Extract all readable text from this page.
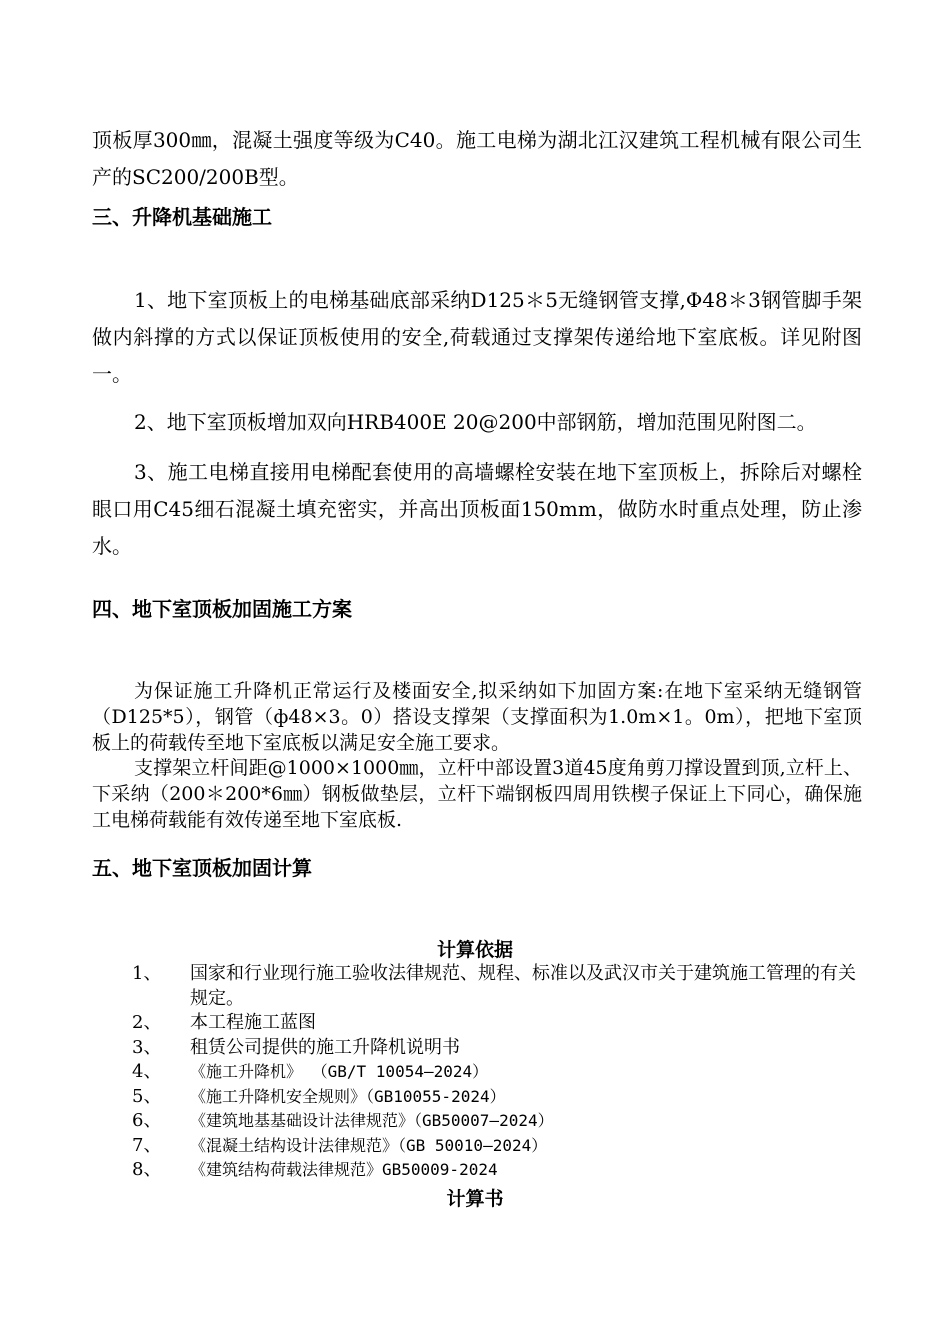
顶板厚300㎜，混凝土强度等级为C40。施工电梯为湖北江汉建筑工程机械有限公司生产的SC200/200B型。

三、升降机基础施工

1、地下室顶板上的电梯基础底部采纳D125＊5无缝钢管支撑,Φ48＊3钢管脚手架做内斜撑的方式以保证顶板使用的安全,荷载通过支撑架传递给地下室底板。详见附图一。

2、地下室顶板增加双向HRB400E 20@200中部钢筋，增加范围见附图二。

3、施工电梯直接用电梯配套使用的高墙螺栓安装在地下室顶板上，拆除后对螺栓眼口用C45细石混凝土填充密实，并高出顶板面150mm，做防水时重点处理，防止渗水。

四、地下室顶板加固施工方案

为保证施工升降机正常运行及楼面安全,拟采纳如下加固方案:在地下室采纳无缝钢管（D125*5），钢管（ф48×3。0）搭设支撑架（支撑面积为1.0m×1。0m），把地下室顶板上的荷载传至地下室底板以满足安全施工要求。

支撑架立杆间距@1000×1000㎜，立杆中部设置3道45度角剪刀撑设置到顶,立杆上、下采纳（200＊200*6㎜）钢板做垫层，立杆下端钢板四周用铁楔子保证上下同心，确保施工电梯荷载能有效传递至地下室底板.

五、地下室顶板加固计算
计算依据
1、	国家和行业现行施工验收法律规范、规程、标准以及武汉市关于建筑施工管理的有关规定。
2、	本工程施工蓝图
3、	租赁公司提供的施工升降机说明书
4、	《施工升降机》 （GB/T 10054—2024）
5、	《施工升降机安全规则》（GB10055-2024）
6、	《建筑地基基础设计法律规范》（GB50007—2024）
7、	《混凝土结构设计法律规范》（GB 50010—2024）
8、	《建筑结构荷载法律规范》GB50009-2024
计算书
